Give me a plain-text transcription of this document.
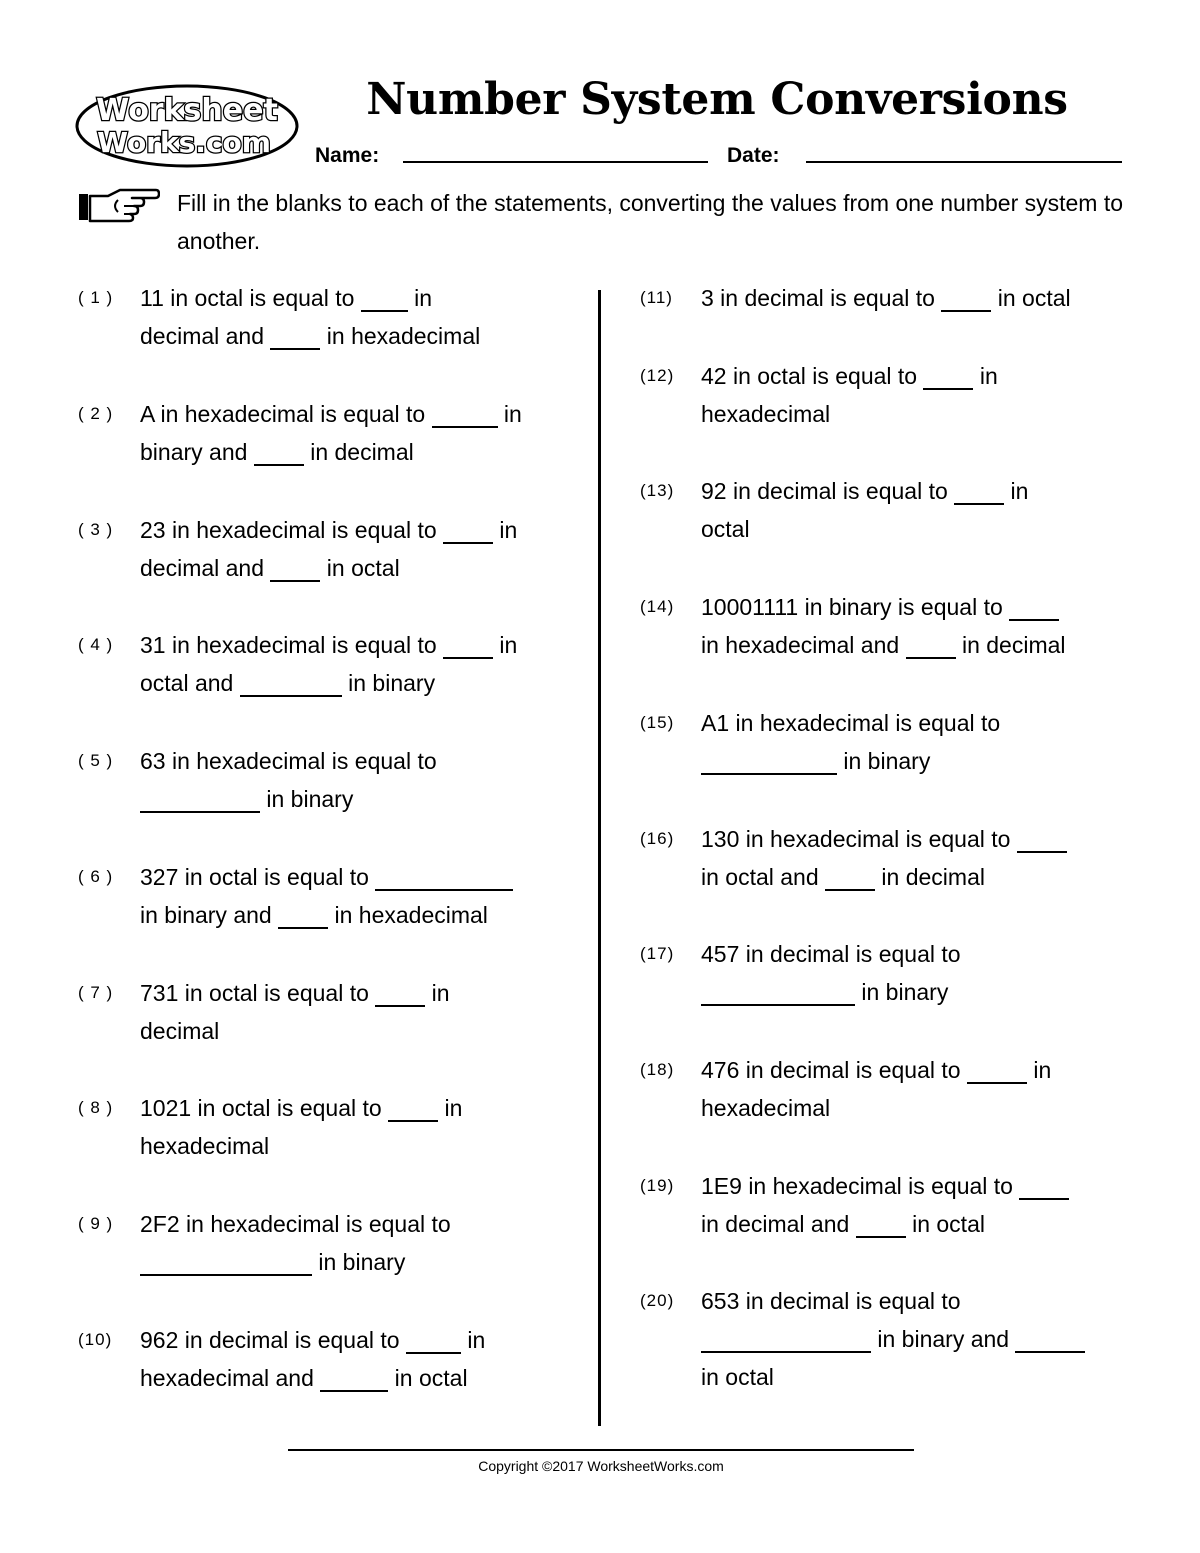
Worksheet
Works.com
Number System Conversions
Name:	Date:
Fill in the blanks to each of the statements, converting the values from one number system to another.
( 1 ) 11 in octal is equal to  in
decimal and  in hexadecimal
( 2 ) A in hexadecimal is equal to	in
binary and  in decimal
( 3 ) 23 in hexadecimal is equal to  in
decimal and  in octal
( 4 ) 31 in hexadecimal is equal to  in
octal and	in binary
( 5 ) 63 in hexadecimal is equal to
in binary
( 6 ) 327 in octal is equal to
in binary and  in hexadecimal
( 7 ) 731 in octal is equal to  in
decimal
( 8 ) 1021 in octal is equal to  in
hexadecimal
( 9 ) 2F2 in hexadecimal is equal to
in binary
(10) 962 in decimal is equal to  in
hexadecimal and	in octal
(11) 3 in decimal is equal to  in octal
(12) 42 in octal is equal to  in
hexadecimal
(13) 92 in decimal is equal to  in
octal
(14) 10001111 in binary is equal to
in hexadecimal and  in decimal
(15) A1 in hexadecimal is equal to
in binary
(16) 130 in hexadecimal is equal to
in octal and  in decimal
(17) 457 in decimal is equal to
in binary
(18) 476 in decimal is equal to	in
hexadecimal
(19) 1E9 in hexadecimal is equal to
in decimal and  in octal
(20) 653 in decimal is equal to
in binary and
in octal
Copyright ©2017 WorksheetWorks.com
